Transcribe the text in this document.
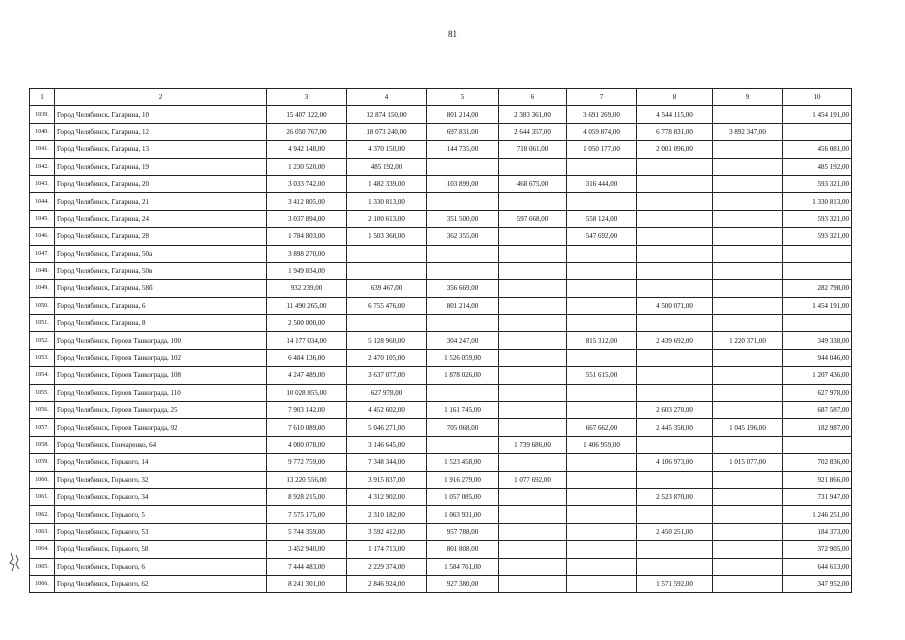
81
1	2	3	4	5	6	7	8	9	10
1039.	Город Челябинск, Гагарина, 10	15 407 122,00	12 874 150,00	801 214,00	2 383 361,00	3 691 269,00	4 544 115,00		1 454 191,00
1040.	Город Челябинск, Гагарина, 12	26 050 767,00	18 073 240,00	697 831,00	2 644 357,00	4 059 874,00	6 778 831,00	3 892 347,00	
1041.	Город Челябинск, Гагарина, 13	4 942 148,00	4 370 150,00	144 735,00	718 061,00	1 050 177,00	2 001 096,00		456 081,00
1042.	Город Челябинск, Гагарина, 19	1 230 520,00	485 192,00						485 192,00
1043.	Город Челябинск, Гагарина, 20	3 033 742,00	1 482 339,00	103 899,00	468 675,00	316 444,00			593 321,00
1044.	Город Челябинск, Гагарина, 21	3 412 805,00	1 330 813,00						1 330 813,00
1045.	Город Челябинск, Гагарина, 24	3 037 894,00	2 100 613,00	351 500,00	597 668,00	558 124,00			593 321,00
1046.	Город Челябинск, Гагарина, 28	1 784 803,00	1 503 368,00	362 355,00		547 692,00			593 321,00
1047.	Город Челябинск, Гагарина, 50а	3 898 270,00							
1048.	Город Челябинск, Гагарина, 50в	1 949 834,00							
1049.	Город Челябинск, Гагарина, 58б	932 239,00	639 467,00	356 669,00					282 798,00
1050.	Город Челябинск, Гагарина, 6	11 490 265,00	6 755 476,00	801 214,00			4 500 071,00		1 454 191,00
1051.	Город Челябинск, Гагарина, 8	2 500 000,00							
1052.	Город Челябинск, Героев Танкограда, 100	14 177 034,00	5 128 960,00	304 247,00		815 312,00	2 439 692,00	1 220 371,00	349 338,00
1053.	Город Челябинск, Героев Танкограда, 102	6 484 136,00	2 470 105,00	1 526 059,00					944 046,00
1054.	Город Челябинск, Героев Танкограда, 108	4 247 489,00	3 637 077,00	1 878 026,00		551 615,00			1 207 436,00
1055.	Город Челябинск, Героев Танкограда, 110	10 028 855,00	627 978,00						627 978,00
1056.	Город Челябинск, Героев Танкограда, 25	7 903 142,00	4 452 602,00	1 161 745,00			2 603 270,00		687 587,00
1057.	Город Челябинск, Героев Танкограда, 92	7 610 089,00	5 046 271,00	705 068,00		667 662,00	2 445 358,00	1 045 196,00	182 987,00
1058.	Город Челябинск, Гончаренко, 64	4 000 078,00	3 146 645,00		1 739 686,00	1 406 959,00			
1059.	Город Челябинск, Горького, 14	9 772 759,00	7 348 344,00	1 523 458,00			4 106 973,00	1 015 077,00	702 836,00
1060.	Город Челябинск, Горького, 32	13 220 556,00	3 915 837,00	1 916 279,00	1 077 692,00				921 866,00
1061.	Город Челябинск, Горького, 34	8 928 215,00	4 312 902,00	1 057 085,00			2 523 870,00		731 947,00
1062.	Город Челябинск, Горького, 5	7 575 175,00	2 310 182,00	1 063 931,00					1 246 251,00
1063.	Город Челябинск, Горького, 53	5 744 359,00	3 592 412,00	957 788,00			2 450 251,00		184 373,00
1064.	Город Челябинск, Горького, 58	3 452 940,00	1 174 713,00	801 808,00					372 905,00
1065.	Город Челябинск, Горького, 6	7 444 483,00	2 229 374,00	1 584 761,00					644 613,00
1066.	Город Челябинск, Горького, 62	8 241 301,00	2 846 924,00	927 380,00			1 571 592,00		347 952,00
